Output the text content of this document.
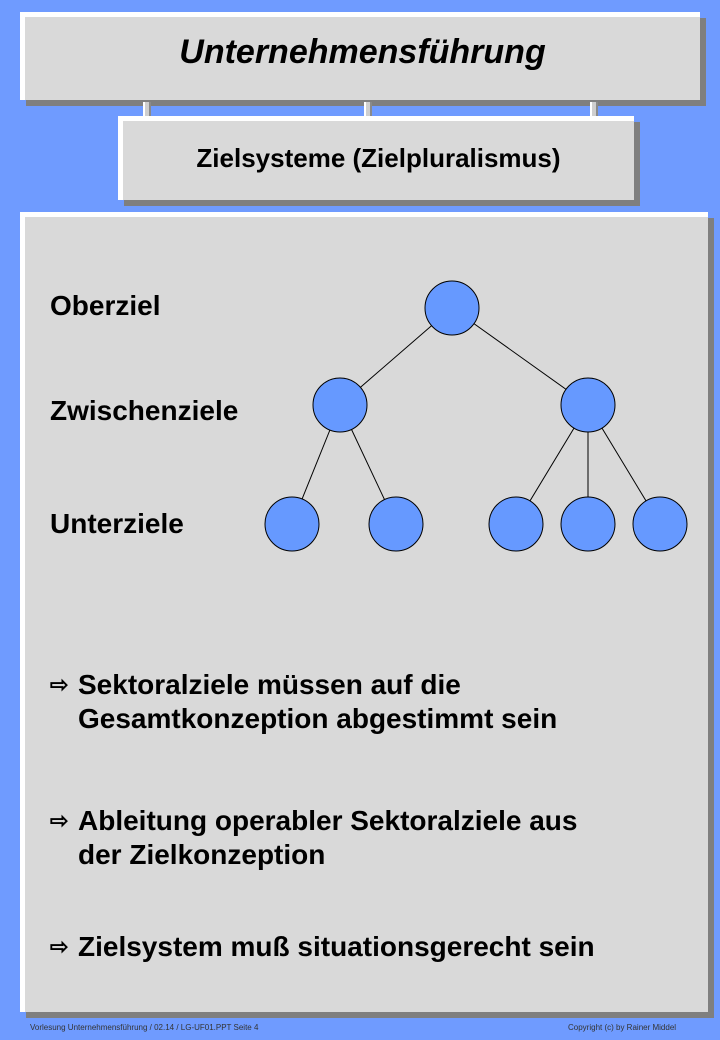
Unternehmensführung
Zielsysteme (Zielpluralismus)
Oberziel
Zwischenziele
Unterziele
⇨ Sektoralziele müssen auf die
Gesamtkonzeption abgestimmt sein
⇨ Ableitung operabler Sektoralziele aus
der Zielkonzeption
⇨ Zielsystem muß situationsgerecht sein
Vorlesung Unternehmensführung / 02.14 / LG-UF01.PPT Seite 4	Copyright (c) by Rainer Middel
